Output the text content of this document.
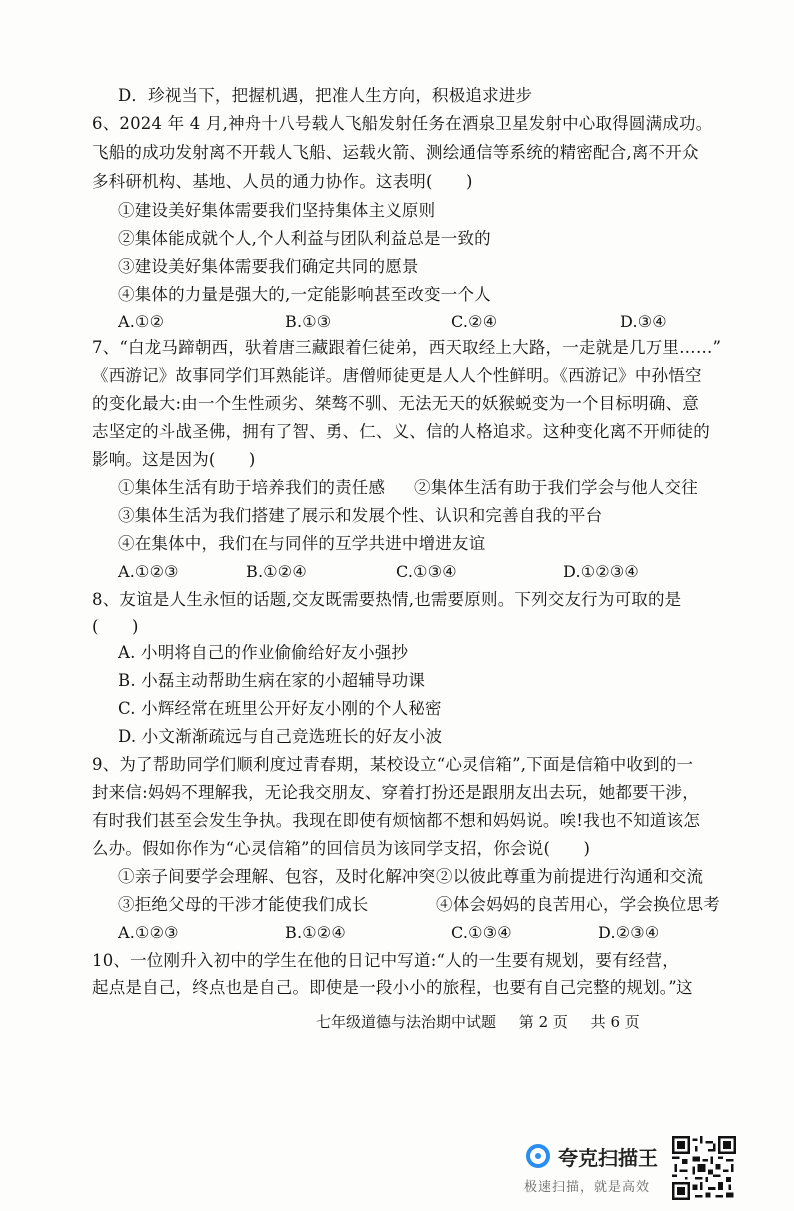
D．珍视当下，把握机遇，把准人生方向，积极追求进步
6、2024 年 4 月,神舟十八号载人飞船发射任务在酒泉卫星发射中心取得圆满成功。
飞船的成功发射离不开载人飞船、运载火箭、测绘通信等系统的精密配合,离不开众
多科研机构、基地、人员的通力协作。这表明(　　)
①建设美好集体需要我们坚持集体主义原则
②集体能成就个人,个人利益与团队利益总是一致的
③建设美好集体需要我们确定共同的愿景
④集体的力量是强大的,一定能影响甚至改变一个人
A.①②	B.①③	C.②④	D.③④
7、“白龙马蹄朝西，驮着唐三藏跟着仨徒弟，西天取经上大路，一走就是几万里……”
《西游记》故事同学们耳熟能详。唐僧师徒更是人人个性鲜明。《西游记》中孙悟空
的变化最大:由一个生性顽劣、桀骜不驯、无法无天的妖猴蜕变为一个目标明确、意
志坚定的斗战圣佛，拥有了智、勇、仁、义、信的人格追求。这种变化离不开师徒的
影响。这是因为(　　)
①集体生活有助于培养我们的责任感 ②集体生活有助于我们学会与他人交往
③集体生活为我们搭建了展示和发展个性、认识和完善自我的平台
④在集体中，我们在与同伴的互学共进中增进友谊
A.①②③	B.①②④	C.①③④	D.①②③④
8、友谊是人生永恒的话题,交友既需要热情,也需要原则。下列交友行为可取的是
(　　)
A. 小明将自己的作业偷偷给好友小强抄
B. 小磊主动帮助生病在家的小超辅导功课
C. 小辉经常在班里公开好友小刚的个人秘密
D. 小文渐渐疏远与自己竞选班长的好友小波
9、为了帮助同学们顺利度过青春期，某校设立“心灵信箱”,下面是信箱中收到的一
封来信:妈妈不理解我，无论我交朋友、穿着打扮还是跟朋友出去玩，她都要干涉，
有时我们甚至会发生争执。我现在即使有烦恼都不想和妈妈说。唉!我也不知道该怎
么办。假如你作为“心灵信箱”的回信员为该同学支招，你会说(　　)
①亲子间要学会理解、包容，及时化解冲突 ②以彼此尊重为前提进行沟通和交流
③拒绝父母的干涉才能使我们成长	④体会妈妈的良苦用心，学会换位思考
A.①②③	B.①②④	C.①③④	D.②③④
10、一位刚升入初中的学生在他的日记中写道:“人的一生要有规划，要有经营，
这
起点是自己，终点也是自己。即使是一段小小的旅程，也要有自己完整的规划。”
七年级道德与法治期中试题 第 2 页 共 6 页
夸克扫描王
极速扫描，就是高效
